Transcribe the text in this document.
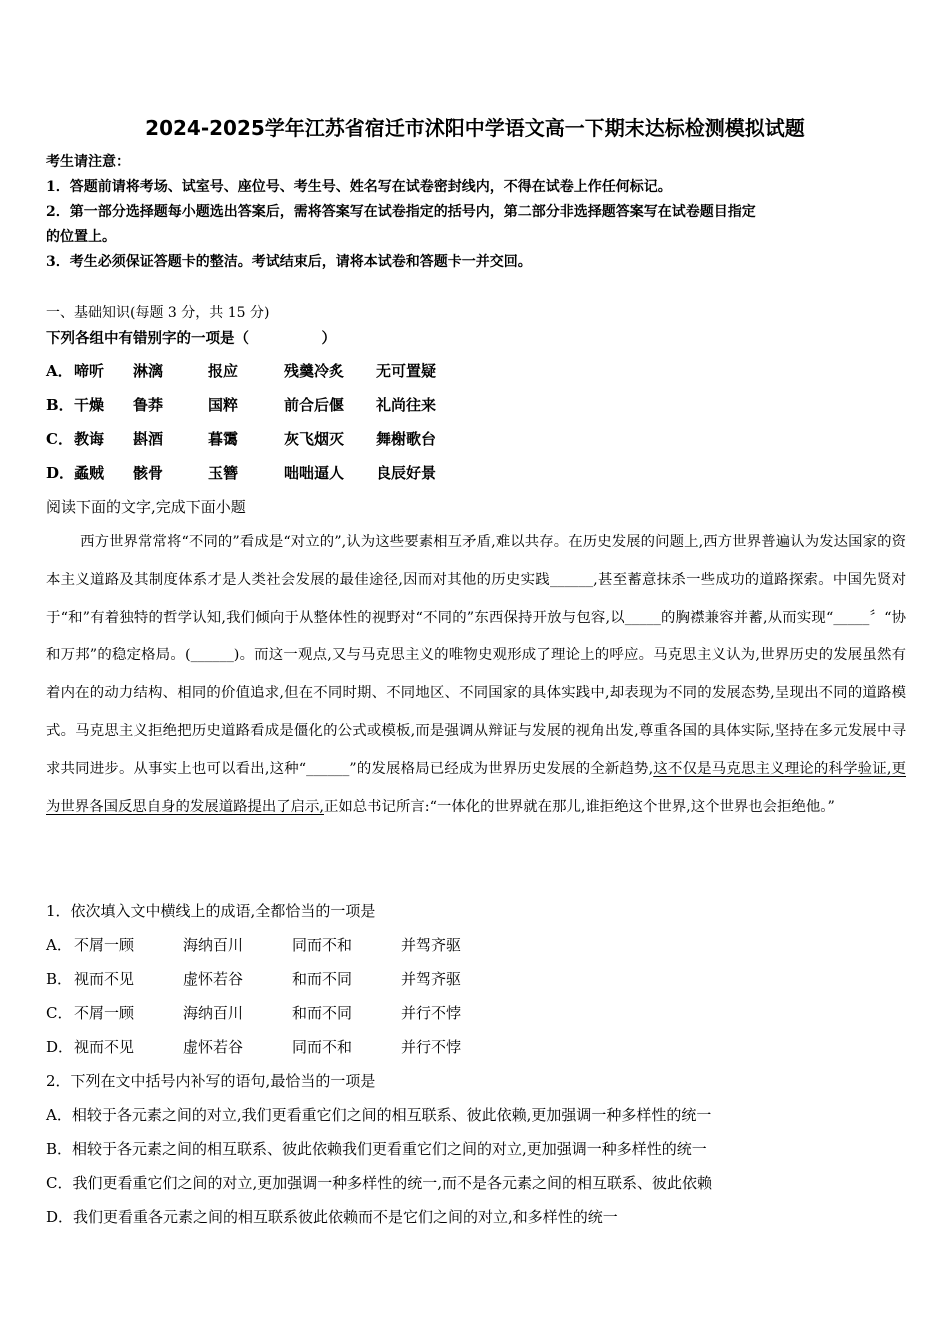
2024-2025学年江苏省宿迁市沭阳中学语文高一下期末达标检测模拟试题
考生请注意：
1．答题前请将考场、试室号、座位号、考生号、姓名写在试卷密封线内，不得在试卷上作任何标记。
2．第一部分选择题每小题选出答案后，需将答案写在试卷指定的括号内，第二部分非选择题答案写在试卷题目指定
的位置上。
3．考生必须保证答题卡的整洁。考试结束后，请将本试卷和答题卡一并交回。
一、基础知识(每题 3 分，共 15 分)
下列各组中有错别字的一项是（　　　　　）
A． 啼听 淋漓	报应	残羹冷炙 无可置疑
B． 干燥 鲁莽	国粹	前合后偃 礼尚往来
C． 教诲 斟酒	暮霭	灰飞烟灭 舞榭歌台
D． 蟊贼 骸骨	玉簪	咄咄逼人 良辰好景
阅读下面的文字,完成下面小题
西方世界常常将“不同的”看成是“对立的”,认为这些要素相互矛盾,难以共存。在历史发展的问题上,西方世界普遍认为发达国家的资本主义道路及其制度体系才是人类社会发展的最佳途径,因而对其他的历史实践______,甚至蓄意抹杀一些成功的道路探索。中国先贤对于“和”有着独特的哲学认知,我们倾向于从整体性的视野对“不同的”东西保持开放与包容,以_____的胸襟兼容并蓄,从而实现“_____〞“协和万邦”的稳定格局。(______)。而这一观点,又与马克思主义的唯物史观形成了理论上的呼应。马克思主义认为,世界历史的发展虽然有着内在的动力结构、相同的价值追求,但在不同时期、不同地区、不同国家的具体实践中,却表现为不同的发展态势,呈现出不同的道路模式。马克思主义拒绝把历史道路看成是僵化的公式或模板,而是强调从辩证与发展的视角出发,尊重各国的具体实际,坚持在多元发展中寻求共同进步。从事实上也可以看出,这种“______”的发展格局已经成为世界历史发展的全新趋势,这不仅是马克思主义理论的科学验证,更为世界各国反思自身的发展道路提出了启示,正如总书记所言:“一体化的世界就在那儿,谁拒绝这个世界,这个世界也会拒绝他。”
1．依次填入文中横线上的成语,全都恰当的一项是
A． 不屑一顾	海纳百川	同而不和	并驾齐驱
B． 视而不见	虚怀若谷	和而不同	并驾齐驱
C． 不屑一顾	海纳百川	和而不同	并行不悖
D． 视而不见	虚怀若谷	同而不和	并行不悖
2．下列在文中括号内补写的语句,最恰当的一项是
A．相较于各元素之间的对立,我们更看重它们之间的相互联系、彼此依赖,更加强调一种多样性的统一
B．相较于各元素之间的相互联系、彼此依赖我们更看重它们之间的对立,更加强调一种多样性的统一
C．我们更看重它们之间的对立,更加强调一种多样性的统一,而不是各元素之间的相互联系、彼此依赖
D．我们更看重各元素之间的相互联系彼此依赖而不是它们之间的对立,和多样性的统一
